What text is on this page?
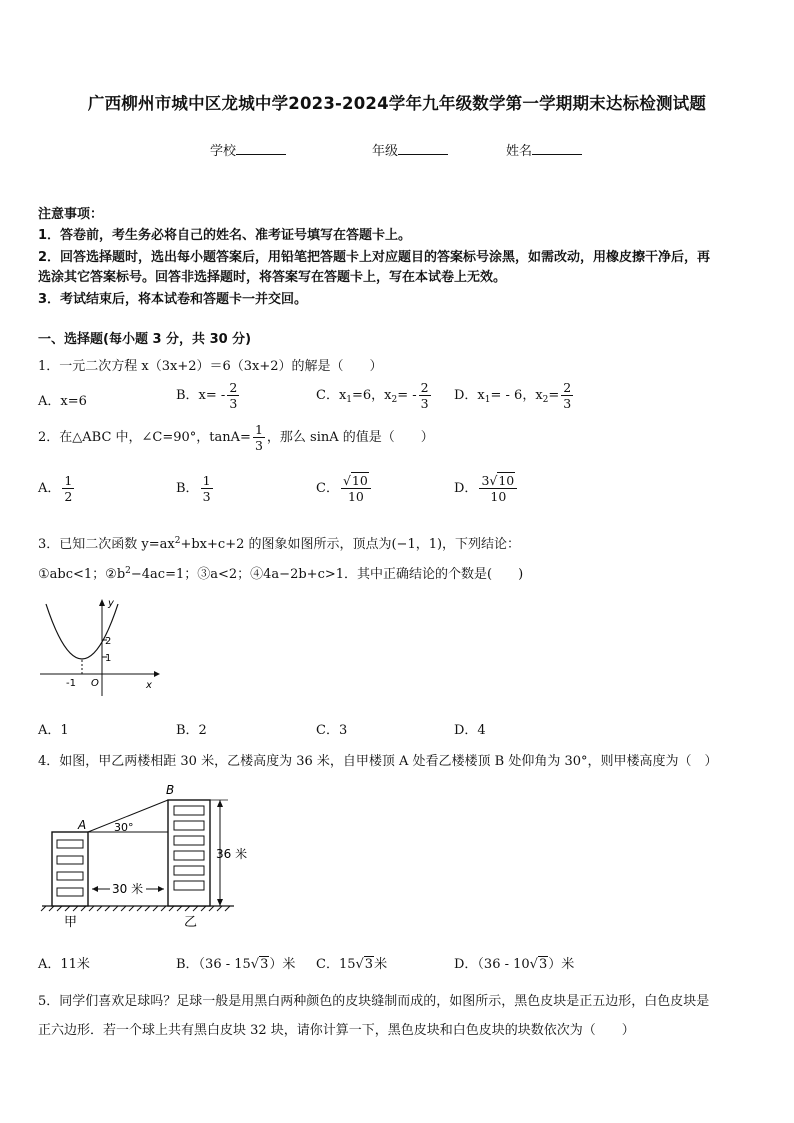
广西柳州市城中区龙城中学2023-2024学年九年级数学第一学期期末达标检测试题
学校	年级	姓名
注意事项：
1．答卷前，考生务必将自己的姓名、准考证号填写在答题卡上。
2．回答选择题时，选出每小题答案后，用铅笔把答题卡上对应题目的答案标号涂黑，如需改动，用橡皮擦干净后，再
选涂其它答案标号。回答非选择题时，将答案写在答题卡上，写在本试卷上无效。
3．考试结束后，将本试卷和答题卡一并交回。
一、选择题(每小题 3 分，共 30 分)
1．一元二次方程 x（3x+2）＝6（3x+2）的解是（　　）
A．x=6	B．$x= - \frac{2}{3}$	C．$x_1=6$，$x_2= - \frac{2}{3}$ D．$x_1= - 6$，$x_2= \frac{2}{3}$
2．在△ABC 中，∠C=90°，$\tan A= \frac{1}{3}$ ，那么 sinA 的值是（　　）
A． $\frac{1}{2}$	B． $\frac{1}{3}$	C． $\frac{√10}{10}$	D． $\frac{3√10}{10}$
3．已知二次函数 $y=ax^2+bx+c+2$ 的图象如图所示，顶点为(−1，1)，下列结论：
①abc<1；$②b^2-4ac=1$；③a<2；④4a−2b+c>1．其中正确结论的个数是(　　)
y
x
O
2
1
-1
A．1	B．2	C．3	D．4
4．如图，甲乙两楼相距 30 米，乙楼高度为 36 米，自甲楼顶 A 处看乙楼楼顶 B 处仰角为 30°，则甲楼高度为（　）
B
A	30°
36 米
30 米
甲	乙
A．11米	B．（36 - 15√3）米 C．15√3米	D．（36 - 10√3）米
5．同学们喜欢足球吗？足球一般是用黑白两种颜色的皮块缝制而成的，如图所示，黑色皮块是正五边形，白色皮块是
正六边形．若一个球上共有黑白皮块 32 块，请你计算一下，黑色皮块和白色皮块的块数依次为（　　）
